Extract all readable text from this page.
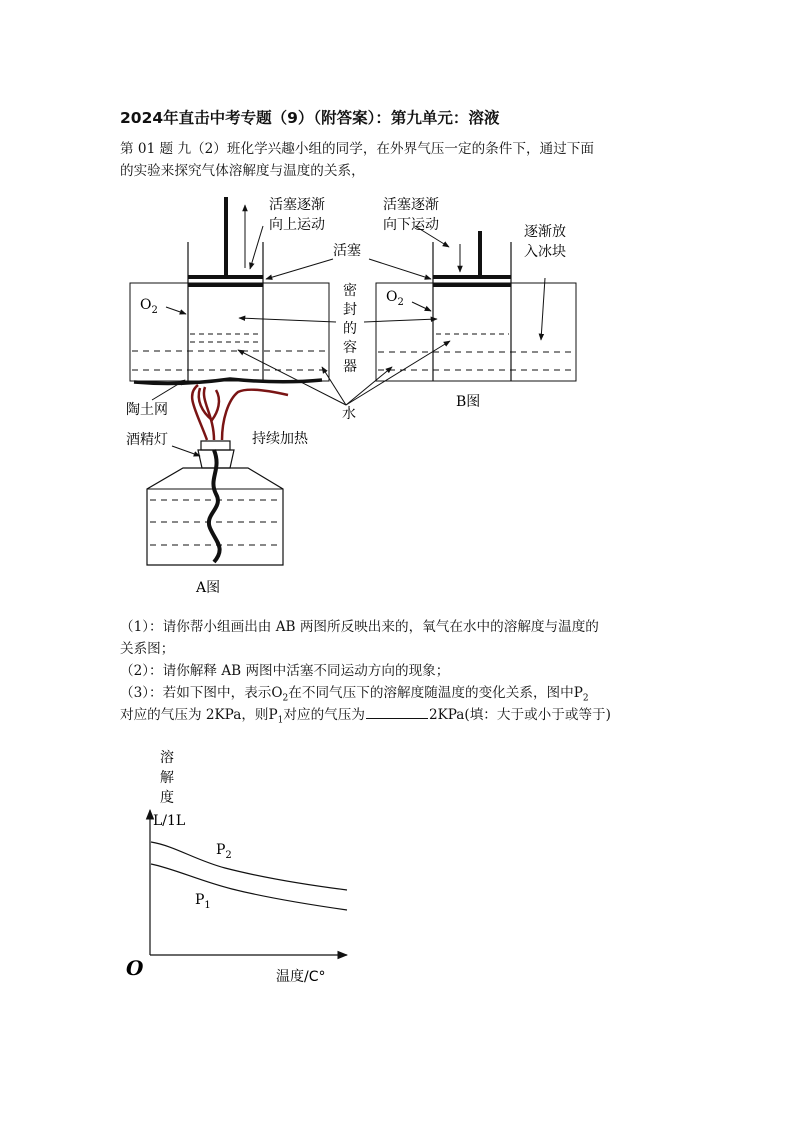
2024年直击中考专题（9）（附答案）：第九单元：溶液
第 01 题 九（2）班化学兴趣小组的同学，在外界气压一定的条件下，通过下面
的实验来探究气体溶解度与温度的关系，
活塞逐渐
向上运动
活塞逐渐
向下运动	逐渐放
入冰块
活塞
密
封
的
容
器
$O_2$
$O_2$
水
B图
陶土网
酒精灯	持续加热
A图
（1）：请你帮小组画出由 AB 两图所反映出来的，氧气在水中的溶解度与温度的
关系图；
（2）：请你解释 AB 两图中活塞不同运动方向的现象；
（3）：若如下图中，表示$O_2$在不同气压下的溶解度随温度的变化关系，图中$P_2$
对应的气压为 2KPa，则$P_1$对应的气压为	2KPa(填：大于或小于或等于)
溶
解
度
L/1L
O	温度/C°
$P_2$
$P_1$
